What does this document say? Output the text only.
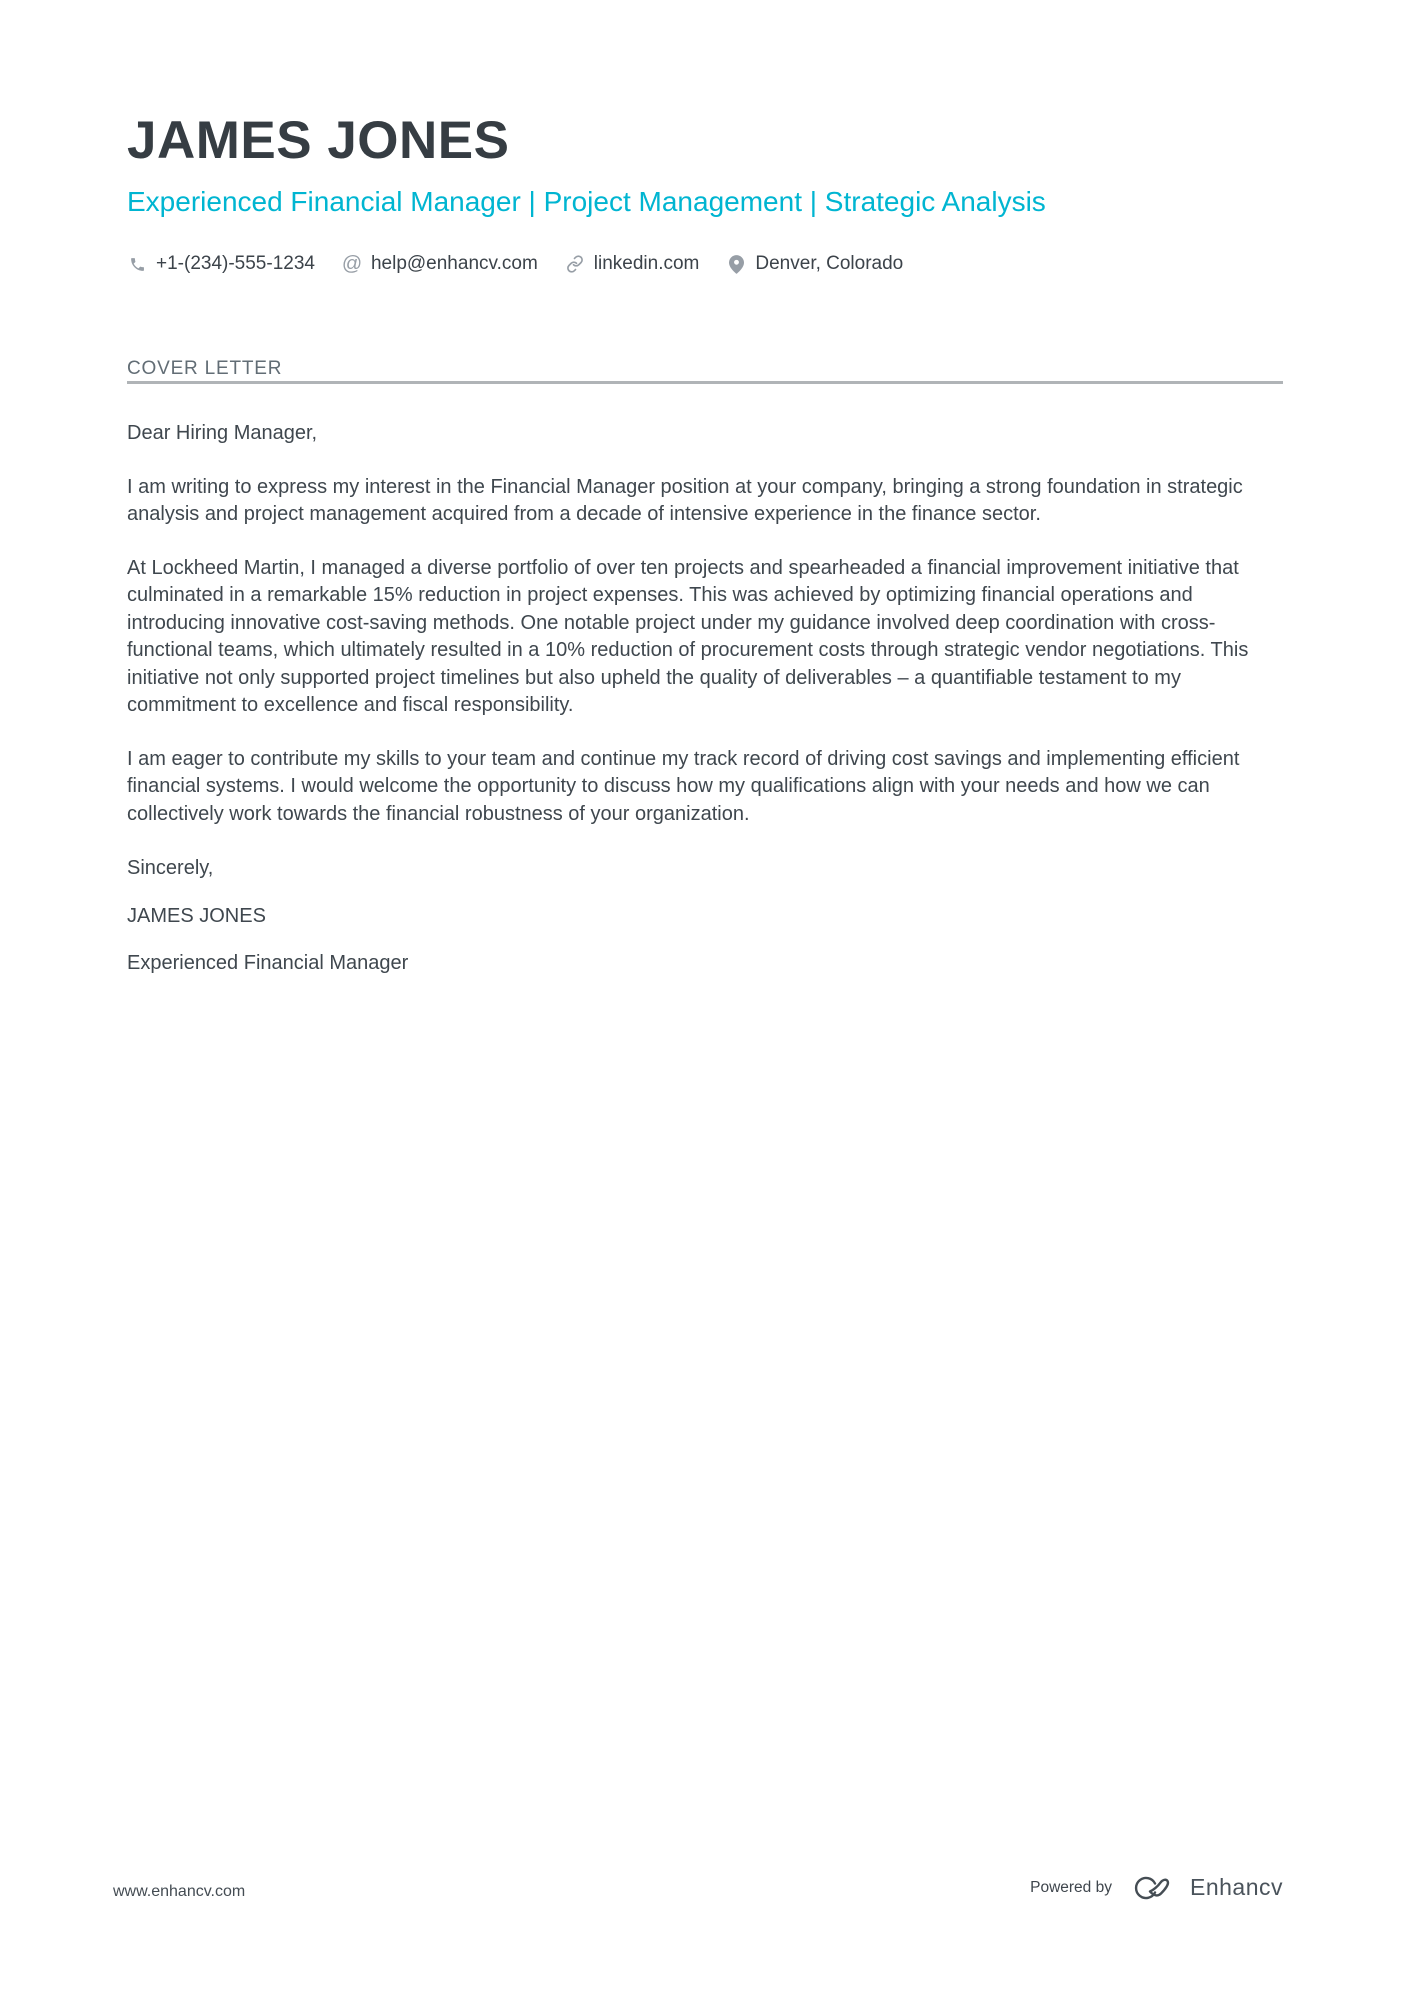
JAMES JONES
Experienced Financial Manager | Project Management | Strategic Analysis
+1-(234)-555-1234 @ help@enhancv.com	linkedin.com	Denver, Colorado
COVER LETTER

Dear Hiring Manager,

I am writing to express my interest in the Financial Manager position at your company, bringing a strong foundation in strategic analysis and project management acquired from a decade of intensive experience in the finance sector.

At Lockheed Martin, I managed a diverse portfolio of over ten projects and spearheaded a financial improvement initiative that culminated in a remarkable 15% reduction in project expenses. This was achieved by optimizing financial operations and introducing innovative cost-saving methods. One notable project under my guidance involved deep coordination with cross-functional teams, which ultimately resulted in a 10% reduction of procurement costs through strategic vendor negotiations. This initiative not only supported project timelines but also upheld the quality of deliverables – a quantifiable testament to my commitment to excellence and fiscal responsibility.

I am eager to contribute my skills to your team and continue my track record of driving cost savings and implementing efficient financial systems. I would welcome the opportunity to discuss how my qualifications align with your needs and how we can collectively work towards the financial robustness of your organization.

Sincerely,

JAMES JONES

Experienced Financial Manager

www.enhancv.com	Powered by	Enhancv
